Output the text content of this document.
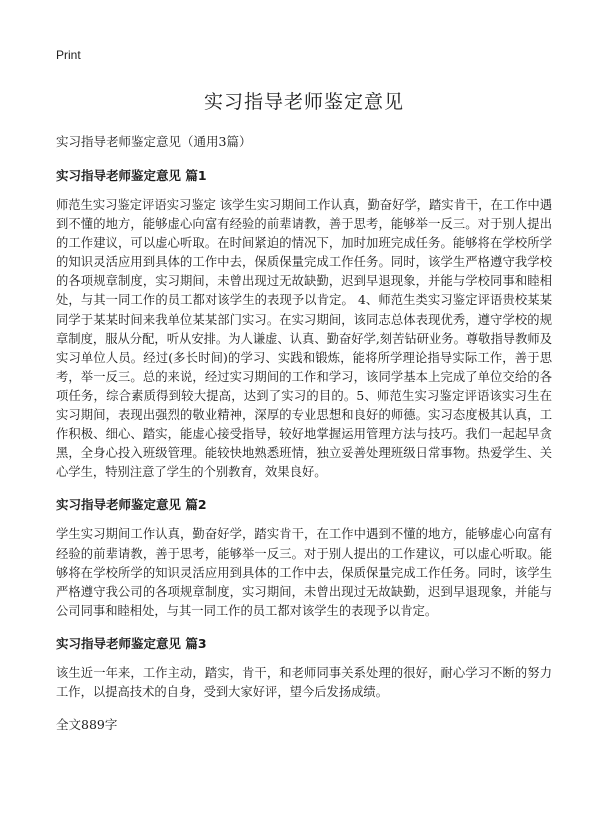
Print
实习指导老师鉴定意见
实习指导老师鉴定意见（通用3篇）
实习指导老师鉴定意见 篇1

师范生实习鉴定评语实习鉴定 该学生实习期间工作认真，勤奋好学，踏实肯干，在工作中遇到不懂的地方，能够虚心向富有经验的前辈请教，善于思考，能够举一反三。对于别人提出的工作建议，可以虚心听取。在时间紧迫的情况下，加时加班完成任务。能够将在学校所学的知识灵活应用到具体的工作中去，保质保量完成工作任务。同时，该学生严格遵守我学校的各项规章制度，实习期间，未曾出现过无故缺勤，迟到早退现象，并能与学校同事和睦相处，与其一同工作的员工都对该学生的表现予以肯定。 4、师范生类实习鉴定评语贵校某某同学于某某时间来我单位某某部门实习。在实习期间，该同志总体表现优秀，遵守学校的规章制度，服从分配，听从安排。为人谦虚、认真、勤奋好学,刻苦钻研业务。尊敬指导教师及实习单位人员。经过(多长时间)的学习、实践和锻炼，能将所学理论指导实际工作，善于思考，举一反三。总的来说，经过实习期间的工作和学习，该同学基本上完成了单位交给的各项任务，综合素质得到较大提高，达到了实习的目的。5、师范生实习鉴定评语该实习生在实习期间，表现出强烈的敬业精神，深厚的专业思想和良好的师德。实习态度极其认真，工作积极、细心、踏实，能虚心接受指导，较好地掌握运用管理方法与技巧。我们一起起早贪黑，全身心投入班级管理。能较快地熟悉班情，独立妥善处理班级日常事物。热爱学生、关心学生，特别注意了学生的个别教育，效果良好。

实习指导老师鉴定意见 篇2

学生实习期间工作认真，勤奋好学，踏实肯干，在工作中遇到不懂的地方，能够虚心向富有经验的前辈请教，善于思考，能够举一反三。对于别人提出的工作建议，可以虚心听取。能够将在学校所学的知识灵活应用到具体的工作中去，保质保量完成工作任务。同时，该学生严格遵守我公司的各项规章制度，实习期间，未曾出现过无故缺勤，迟到早退现象，并能与公司同事和睦相处，与其一同工作的员工都对该学生的表现予以肯定。

实习指导老师鉴定意见 篇3

该生近一年来，工作主动，踏实，肯干，和老师同事关系处理的很好，耐心学习不断的努力工作，以提高技术的自身，受到大家好评，望今后发扬成绩。

全文889字
